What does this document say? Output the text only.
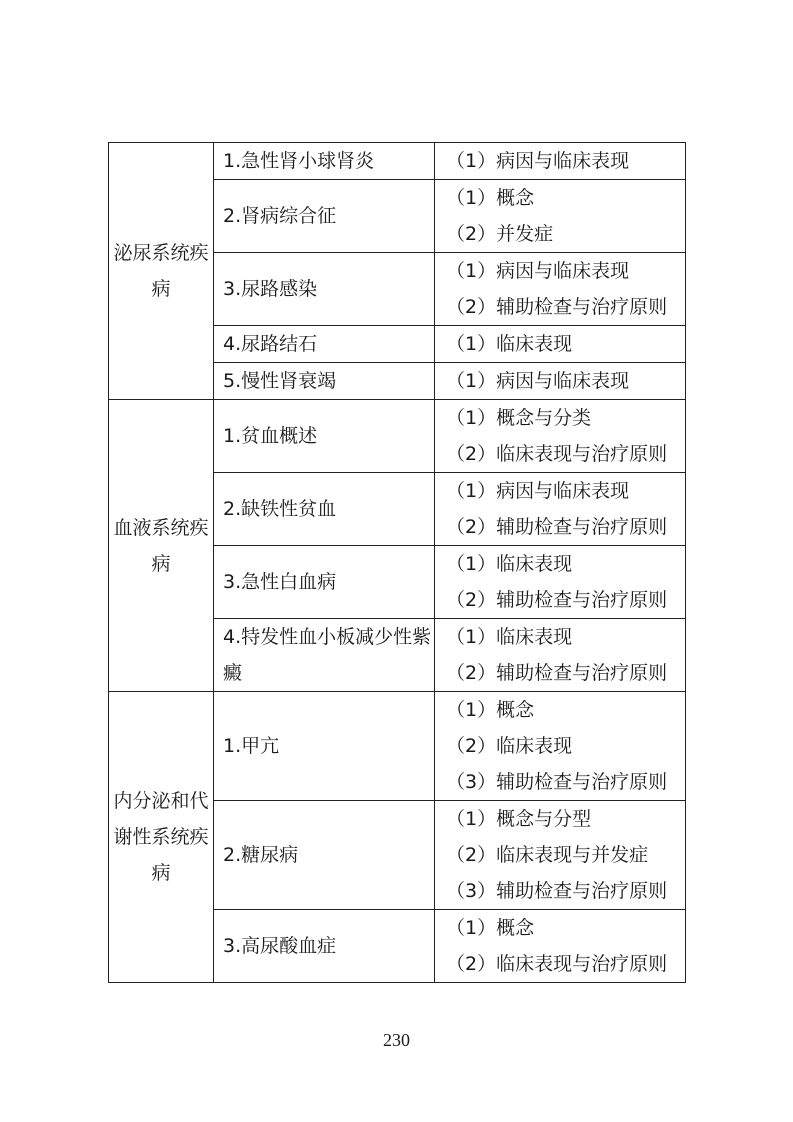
泌尿系统疾病	1.急性肾小球肾炎	（1）病因与临床表现

	2.肾病综合征	（1）概念
（2）并发症

	3.尿路感染	（1）病因与临床表现
（2）辅助检查与治疗原则

	4.尿路结石	（1）临床表现

	5.慢性肾衰竭	（1）病因与临床表现

血液系统疾病	1.贫血概述	（1）概念与分类
（2）临床表现与治疗原则

	2.缺铁性贫血	（1）病因与临床表现
（2）辅助检查与治疗原则

	3.急性白血病	（1）临床表现
（2）辅助检查与治疗原则

	4.特发性血小板减少性紫癜	（1）临床表现
（2）辅助检查与治疗原则

内分泌和代谢性系统疾病	1.甲亢	（1）概念
（2）临床表现
（3）辅助检查与治疗原则

	2.糖尿病	（1）概念与分型
（2）临床表现与并发症
（3）辅助检查与治疗原则

	3.高尿酸血症	（1）概念
（2）临床表现与治疗原则
230
